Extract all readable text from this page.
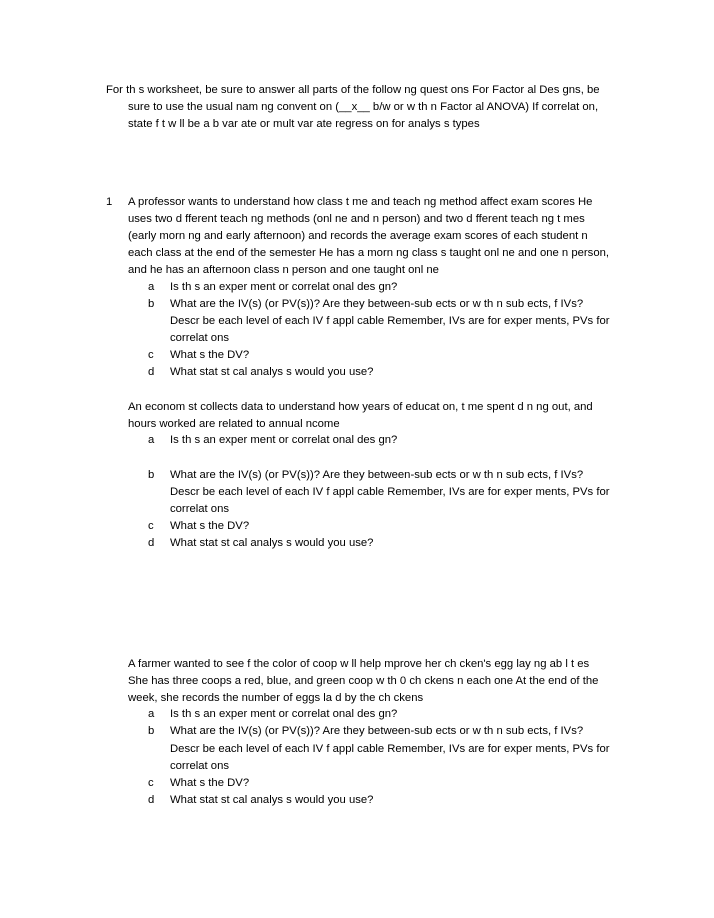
For th s worksheet, be sure to answer all parts of the follow ng quest ons For Factor al Des gns, be
sure to use the usual nam ng convent on (__x__ b/w or w th n Factor al ANOVA) If correlat on,
state f t w ll be a b var ate or mult var ate regress on for analys s types
1 A professor wants to understand how class t me and teach ng method affect exam scores He
uses two d fferent teach ng methods (onl ne and n person) and two d fferent teach ng t mes
(early morn ng and early afternoon) and records the average exam scores of each student n
each class at the end of the semester He has a morn ng class s taught onl ne and one n person,
and he has an afternoon class n person and one taught onl ne
a Is th s an exper ment or correlat onal des gn?
b What are the IV(s) (or PV(s))? Are they between-sub ects or w th n sub ects, f IVs?
Descr be each level of each IV f appl cable Remember, IVs are for exper ments, PVs for
correlat ons
c What s the DV?
d What stat st cal analys s would you use?
An econom st collects data to understand how years of educat on, t me spent d n ng out, and
hours worked are related to annual ncome
a Is th s an exper ment or correlat onal des gn?
b What are the IV(s) (or PV(s))? Are they between-sub ects or w th n sub ects, f IVs?
Descr be each level of each IV f appl cable Remember, IVs are for exper ments, PVs for
correlat ons
c What s the DV?
d What stat st cal analys s would you use?
A farmer wanted to see f the color of coop w ll help mprove her ch cken's egg lay ng ab l t es
She has three coops a red, blue, and green coop w th 0 ch ckens n each one At the end of the
week, she records the number of eggs la d by the ch ckens
a Is th s an exper ment or correlat onal des gn?
b What are the IV(s) (or PV(s))? Are they between-sub ects or w th n sub ects, f IVs?
Descr be each level of each IV f appl cable Remember, IVs are for exper ments, PVs for
correlat ons
c What s the DV?
d What stat st cal analys s would you use?
